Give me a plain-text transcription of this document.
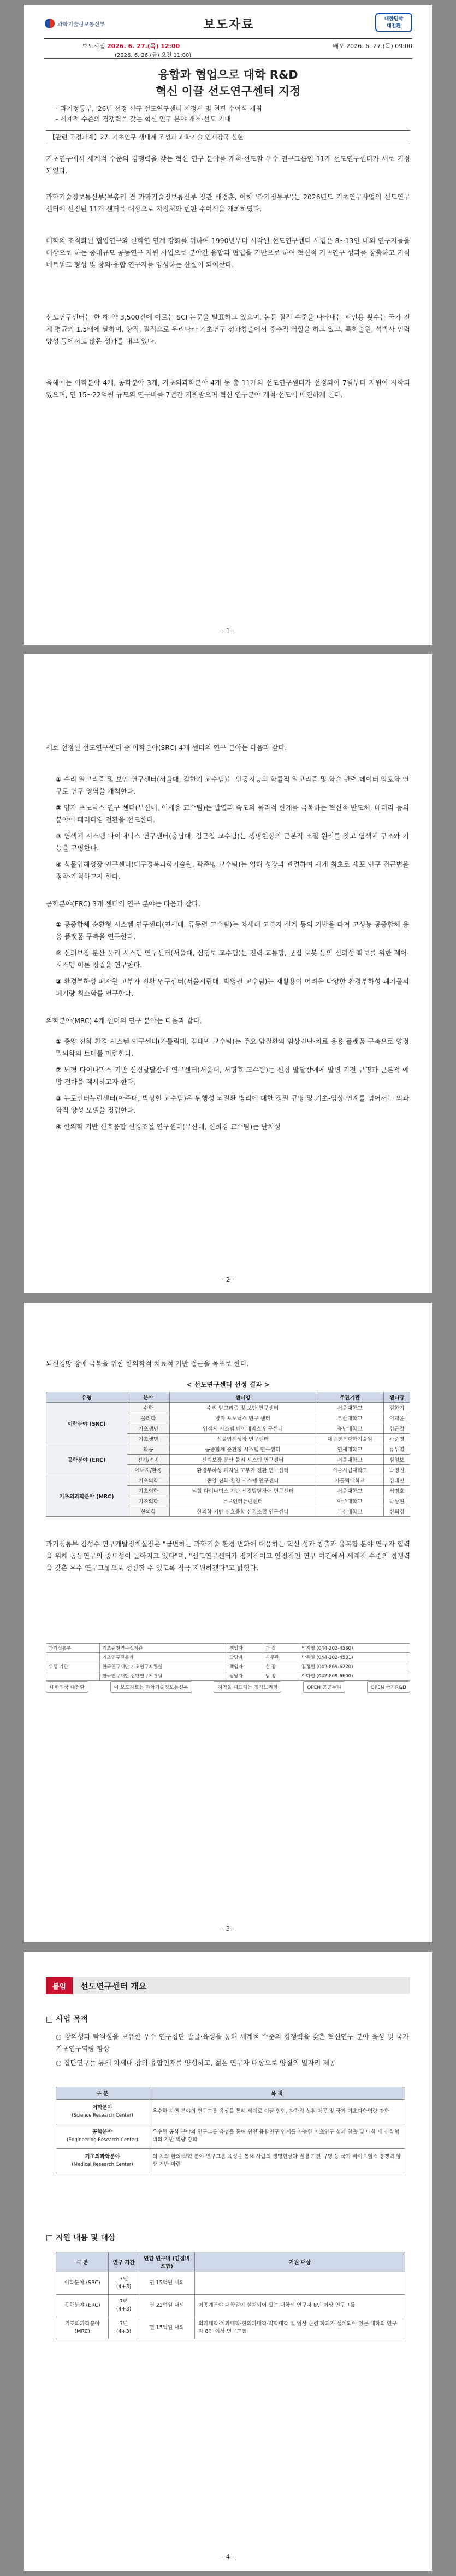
과학기술정보통신부	보도자료	대한민국
대전환
보도시점 2026. 6. 27.(목) 12:00
(2026. 6. 26.(금) 오전 11:00)
배포 2026. 6. 27.(목) 09:00
융합과 협업으로 대학 R&D
혁신 이끌 선도연구센터 지정
- 과기정통부, '26년 선정 신규 선도연구센터 지정서 및 현판 수여식 개최
- 세계적 수준의 경쟁력을 갖는 혁신 연구 분야 개척·선도 기대
【관련 국정과제】27. 기초연구 생태계 조성과 과학기술 인재강국 실현
기초연구에서 세계적 수준의 경쟁력을 갖는 혁신 연구 분야를 개척·선도할 우수 연구그룹인 11개 선도연구센터가 새로 지정되었다.
과학기술정보통신부(부총리 겸 과학기술정보통신부 장관 배경훈, 이하 '과기정통부')는 2026년도 기초연구사업의 선도연구센터에 선정된 11개 센터를 대상으로 지정서와 현판 수여식을 개최하였다.
대학의 조직화된 협업연구와 산학연 연계 강화를 위하여 1990년부터 시작된 선도연구센터 사업은 8~13인 내외 연구자들을 대상으로 하는 중대규모 공동연구 지원 사업으로 분야간 융합과 협업을 기반으로 하여 혁신적 기초연구 성과를 창출하고 지식 네트워크 형성 및 창의·융합 연구자를 양성하는 산실이 되어왔다.
선도연구센터는 한 해 약 3,500건에 이르는 SCI 논문을 발표하고 있으며, 논문 질적 수준을 나타내는 피인용 횟수는 국가 전체 평균의 1.5배에 달하며, 양적, 질적으로 우리나라 기초연구 성과창출에서 중추적 역할을 하고 있고, 특허출원, 석박사 인력양성 등에서도 많은 성과를 내고 있다.
올해에는 이학분야 4개, 공학분야 3개, 기초의과학분야 4개 등 총 11개의 선도연구센터가 선정되어 7월부터 지원이 시작되었으며, 연 15~22억원 규모의 연구비를 7년간 지원받으며 혁신 연구분야 개척·선도에 매진하게 된다.
- 1 -
새로 선정된 선도연구센터 중 이학분야(SRC) 4개 센터의 연구 분야는 다음과 같다.
① 수리 알고리즘 및 보안 연구센터(서울대, 김한기 교수팀)는 인공지능의 학률적 알고리즘 및 학습 관련 데이터 암호화 연구로 연구 영역을 개척한다.
② 양자 포노닉스 연구 센터(부산대, 이세용 교수팀)는 발열과 속도의 물리적 한계를 극복하는 혁신적 반도체, 배터리 등의 분야에 패러다임 전환을 선도한다.
③ 염색체 시스템 다이내믹스 연구센터(충남대, 김근철 교수팀)는 생명현상의 근본적 조절 원리를 찾고 염색체 구조와 기능을 규명한다.
④ 식물엽해성장 연구센터(대구경북과학기술원, 곽준명 교수팀)는 엽해 성장과 관련하여 세계 최초로 세포 연구 접근법을 정착·개척하고자 한다.
공학분야(ERC) 3개 센터의 연구 분야는 다음과 같다.
① 공중합체 순환형 시스템 연구센터(연세대, 류동렬 교수팀)는 차세대 고분자 설계 등의 기반을 다져 고성능 공중합체 응용 플랫폼 구축을 연구한다.
② 신뢰보장 분산 물리 시스템 연구센터(서울대, 심형보 교수팀)는 전력·교통망, 군집 로봇 등의 신뢰성 확보를 위한 제어·시스템 이론 정립을 연구한다.
③ 환경부하성 폐자원 고부가 전환 연구센터(서울시립대, 박영권 교수팀)는 재활용이 어려운 다양한 환경부하성 폐기물의 폐기량 최소화를 연구한다.
의학분야(MRC) 4개 센터의 연구 분야는 다음과 같다.
① 종양 진화-환경 시스템 연구센터(가톨릭대, 김태민 교수팀)는 주요 암질환의 임상진단·치료 응용 플랫폼 구축으로 양정밀의학의 토대를 마련한다.
② 뇌혈 다이나믹스 기반 신경발달장애 연구센터(서울대, 서명호 교수팀)는 신경 발달장애에 발병 기전 규명과 근본적 예방 전략을 제시하고자 한다.
③ 뉴로인터뉴런센터(아주대, 박상현 교수팀)은 뒤행성 뇌질환 병리에 대한 정밀 규명 및 기초-임상 연계를 넘어서는 의과학적 양성 모델을 정립한다.
④ 한의학 기반 신호응합 신경조절 연구센터(부산대, 신희경 교수팀)는 난치성
- 2 -
뇌신경망 장애 극복을 위한 한의학적 치료적 기반 접근을 목표로 한다.
< 선도연구센터 선정 결과 >
유형	분야	센터명	주관기관	센터장
이학분야 (SRC)	수학	수리 알고리즘 및 보안 연구센터	서울대학교	김한기
	물리학	양자 포노닉스 연구 센터	부산대학교	이재윤
	기초생명	염색체 시스템 다이내믹스 연구센터	충남대학교	김근철
	기초생명	식물엽해성장 연구센터	대구경북과학기술원	곽준명
공학분야 (ERC)	화공	공중합체 순환형 시스템 연구센터	연세대학교	류두열
	전기/전자	신뢰보장 분산 물리 시스템 연구센터	서울대학교	심형보
	에너지/환경	환경부하성 폐자원 고부가 전환 연구센터	서울시립대학교	박영권
기초의과학분야 (MRC)	기초의학	종양 진화-환경 시스템 연구센터	가톨릭대학교	김태민
	기초의학	뇌혈 다이나믹스 기반 신경발달장애 연구센터	서울대학교	서명호
	기초의학	뉴로인터뉴런센터	아주대학교	박상현
	한의학	한의학 기반 신호응합 신경조절 연구센터	부산대학교	신희경
과기정통부 김성수 연구개발정책실장은 "급변하는 과학기술 환경 변화에 대응하는 혁신 성과 창출과 융복합 분야 연구자 협력을 위해 공동연구의 중요성이 높아지고 있다"며, "선도연구센터가 장기적이고 안정적인 연구 여건에서 세계적 수준의 경쟁력을 갖춘 우수 연구그룹으로 성장할 수 있도록 적극 지원하겠다"고 밝혔다.
과기정통부	기초원천연구정책관	책임자	과 장	박지영 (044-202-4530)
	기초연구진흥과	담당자	사무관	박은일 (044-202-4531)
수행 기관	한국연구재단 기초연구지원실	책임자	실 장	김정현 (042-869-6220)
	한국연구재단 집단연구지원팀	담당자	팀 장	이다현 (042-869-6600)
대한민국 대전환	이 보도자료는 과학기술정보통신부	지역을 대표하는 정책브리핑	OPEN 공공누리	OPEN 국가R&D
- 3 -
붙임	선도연구센터 개요
□ 사업 목적
○ 창의성과 탁월성을 보유한 우수 연구집단 발굴·육성을 통해 세계적 수준의 경쟁력을 갖춘 혁신연구 분야 육성 및 국가 기초연구역량 향상
○ 집단연구를 통해 차세대 창의·융합인재를 양성하고, 젊은 연구자 대상으로 양질의 일자리 제공
구 분	목 적
이학분야
(Science Research Center)	우수한 자연 분야의 연구그룹 육성을 통해 세계로 이끌 협업, 과학적 성취 제공 및 국가 기초과학역량 강화
공학분야
(Engineering Research Center)	우수한 공학 분야의 연구그룹 육성을 통해 원천 융합연구 연계를 가능한 기초연구 성과 창출 및 대학 내 산학협력의 기반 역량 강화
기초의과학분야
(Medical Research Center)	의·치의·한의·약학 분야 연구그룹 육성을 통해 사람의 생명현상과 질병 기전 규명 등 국가 바이오헬스 경쟁력 향상 기반 마련
□ 지원 내용 및 대상
구 분	연구 기간	연간 연구비 (간접비 포함)	지원 대상
이학분야 (SRC)	7년 (4+3)	연 15억원 내외	
공학분야 (ERC)	7년 (4+3)	연 22억원 내외	이공계분야 대학원이 설치되어 있는 대학의 연구자 8인 이상 연구그룹
기초의과학분야 (MRC)	7년 (4+3)	연 15억원 내외	의과대학·치과대학·한의과대학·약학대학 및 임상 관련 학과가 설치되어 있는 대학의 연구자 8인 이상 연구그룹
- 4 -
